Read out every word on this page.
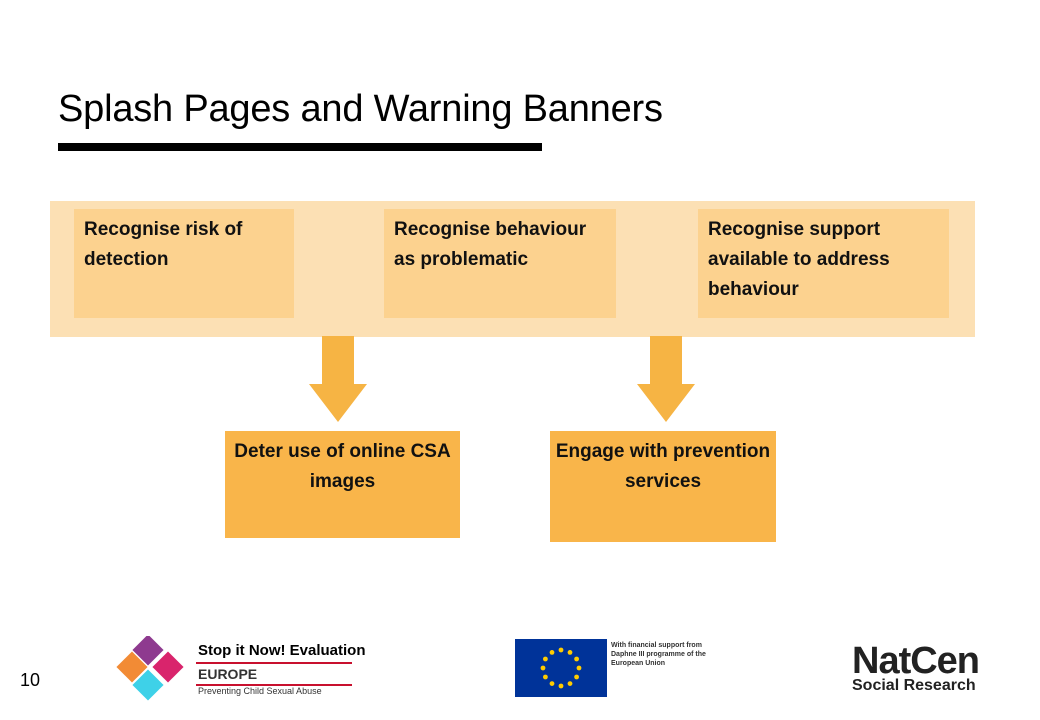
Splash Pages and Warning Banners
Recognise risk of detection
Recognise behaviour as problematic
Recognise support available to address behaviour
Deter use of online CSA images
Engage with prevention services
10
Stop it Now! Evaluation
EUROPE
Preventing Child Sexual Abuse
With financial support from Daphne III programme of the European Union	NatCen
Social Research
